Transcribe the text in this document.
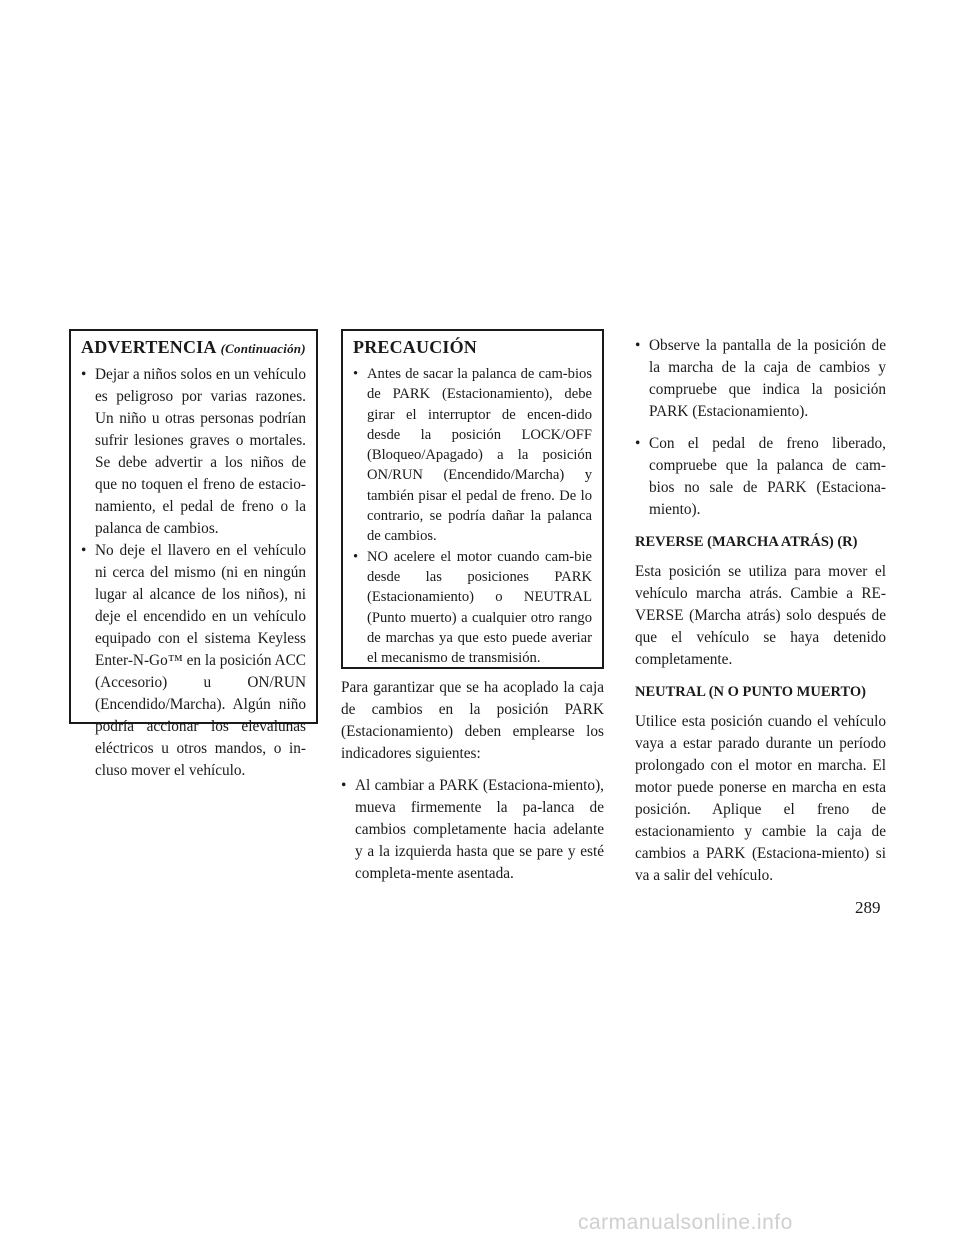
ADVERTENCIA (Continuación)
• Dejar a niños solos en un vehículo es peligroso por varias razones. Un niño u otras personas podrían sufrir lesiones graves o mortales. Se debe advertir a los niños de que no toquen el freno de estacio-namiento, el pedal de freno o la palanca de cambios.
• No deje el llavero en el vehículo ni cerca del mismo (ni en ningún lugar al alcance de los niños), ni deje el encendido en un vehículo equipado con el sistema Keyless Enter-N-Go™ en la posición ACC (Accesorio) u ON/RUN (Encendido/Marcha). Algún niño podría accionar los elevalunas eléctricos u otros mandos, o in-cluso mover el vehículo.
PRECAUCIÓN
• Antes de sacar la palanca de cam-bios de PARK (Estacionamiento), debe girar el interruptor de encen-dido desde la posición LOCK/OFF (Bloqueo/Apagado) a la posición ON/RUN (Encendido/Marcha) y también pisar el pedal de freno. De lo contrario, se podría dañar la palanca de cambios.
• NO acelere el motor cuando cam-bie desde las posiciones PARK (Estacionamiento) o NEUTRAL (Punto muerto) a cualquier otro rango de marchas ya que esto puede averiar el mecanismo de transmisión.

Para garantizar que se ha acoplado la caja de cambios en la posición PARK (Estacionamiento) deben emplearse los indicadores siguientes:

• Al cambiar a PARK (Estaciona-miento), mueva firmemente la pa-lanca de cambios completamente hacia adelante y a la izquierda hasta que se pare y esté completa-mente asentada.
• Observe la pantalla de la posición de la marcha de la caja de cambios y compruebe que indica la posición PARK (Estacionamiento).
• Con el pedal de freno liberado, compruebe que la palanca de cam-bios no sale de PARK (Estaciona-miento).

REVERSE (MARCHA ATRÁS) (R)

Esta posición se utiliza para mover el vehículo marcha atrás. Cambie a RE-VERSE (Marcha atrás) solo después de que el vehículo se haya detenido completamente.

NEUTRAL (N O PUNTO MUERTO)

Utilice esta posición cuando el vehículo vaya a estar parado durante un período prolongado con el motor en marcha. El motor puede ponerse en marcha en esta posición. Aplique el freno de estacionamiento y cambie la caja de cambios a PARK (Estaciona-miento) si va a salir del vehículo.

289
carmanualsonline.info
